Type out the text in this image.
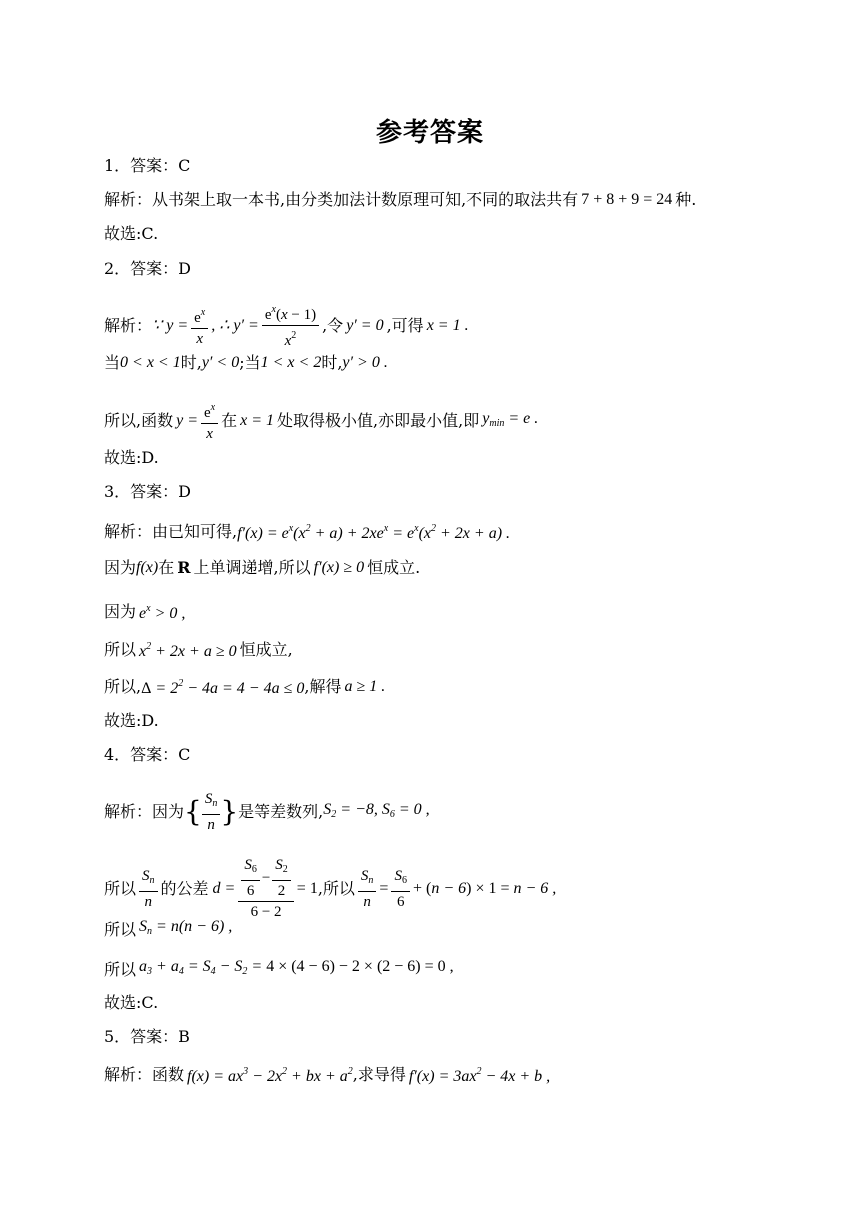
参考答案
1．答案：C
解析：从书架上取一本书,由分类加法计数原理可知,不同的取法共有 7 + 8 + 9 = 24 种.
故选:C.
2．答案：D
解析： ∵ $y = \frac{e^x}{x}$ , ∴ $y' = \frac{e^x(x - 1)}{x^2}$ ,令 y′ = 0 ,可得 x = 1 .
当 0 < x < 1 时, y′ < 0 ;当 1 < x < 2 时, y′ > 0 .
所以,函数 $y = \frac{e^x}{x}$ 在 x = 1 处取得极小值,亦即最小值,即 $y_{min} = e$ .
故选:D.
3．答案：D
解析：由已知可得, $f'(x) = e^x(x^2 + a) + 2xe^x = e^x(x^2 + 2x + a)$ .
因为 f(x) 在 R 上单调递增,所以 f′(x) ≥ 0 恒成立.
因为 $e^x > 0$ ,
所以 $x^2 + 2x + a \ge 0$ 恒成立,
所以, $\Delta = 2^2 - 4a = 4 - 4a \le 0$ ,解得 a ≥ 1 .
故选:D.
4．答案：C
解析：因为 { $\frac{S_n}{n}$ } 是等差数列, $S_2 = -8$, $S_6 = 0$ ,
所以 $\frac{S_n}{n}$ 的公差 $d = \frac{\frac{S_6}{6} - \frac{S_2}{2}}{6 - 2} = 1$ ,所以 $\frac{S_n}{n} = \frac{S_6}{6} + (n - 6) \times 1 = n - 6$ ,
所以 $S_n = n(n - 6)$ ,
所以 $a_3 + a_4 = S_4 - S_2 = 4 \times (4 - 6) - 2 \times (2 - 6) = 0$ ,
故选:C.
5．答案：B
解析：函数 $f(x) = ax^3 - 2x^2$ + bx + $a^2$ ,求导得 $f'(x) = 3ax^2 - 4x + b$ ,
